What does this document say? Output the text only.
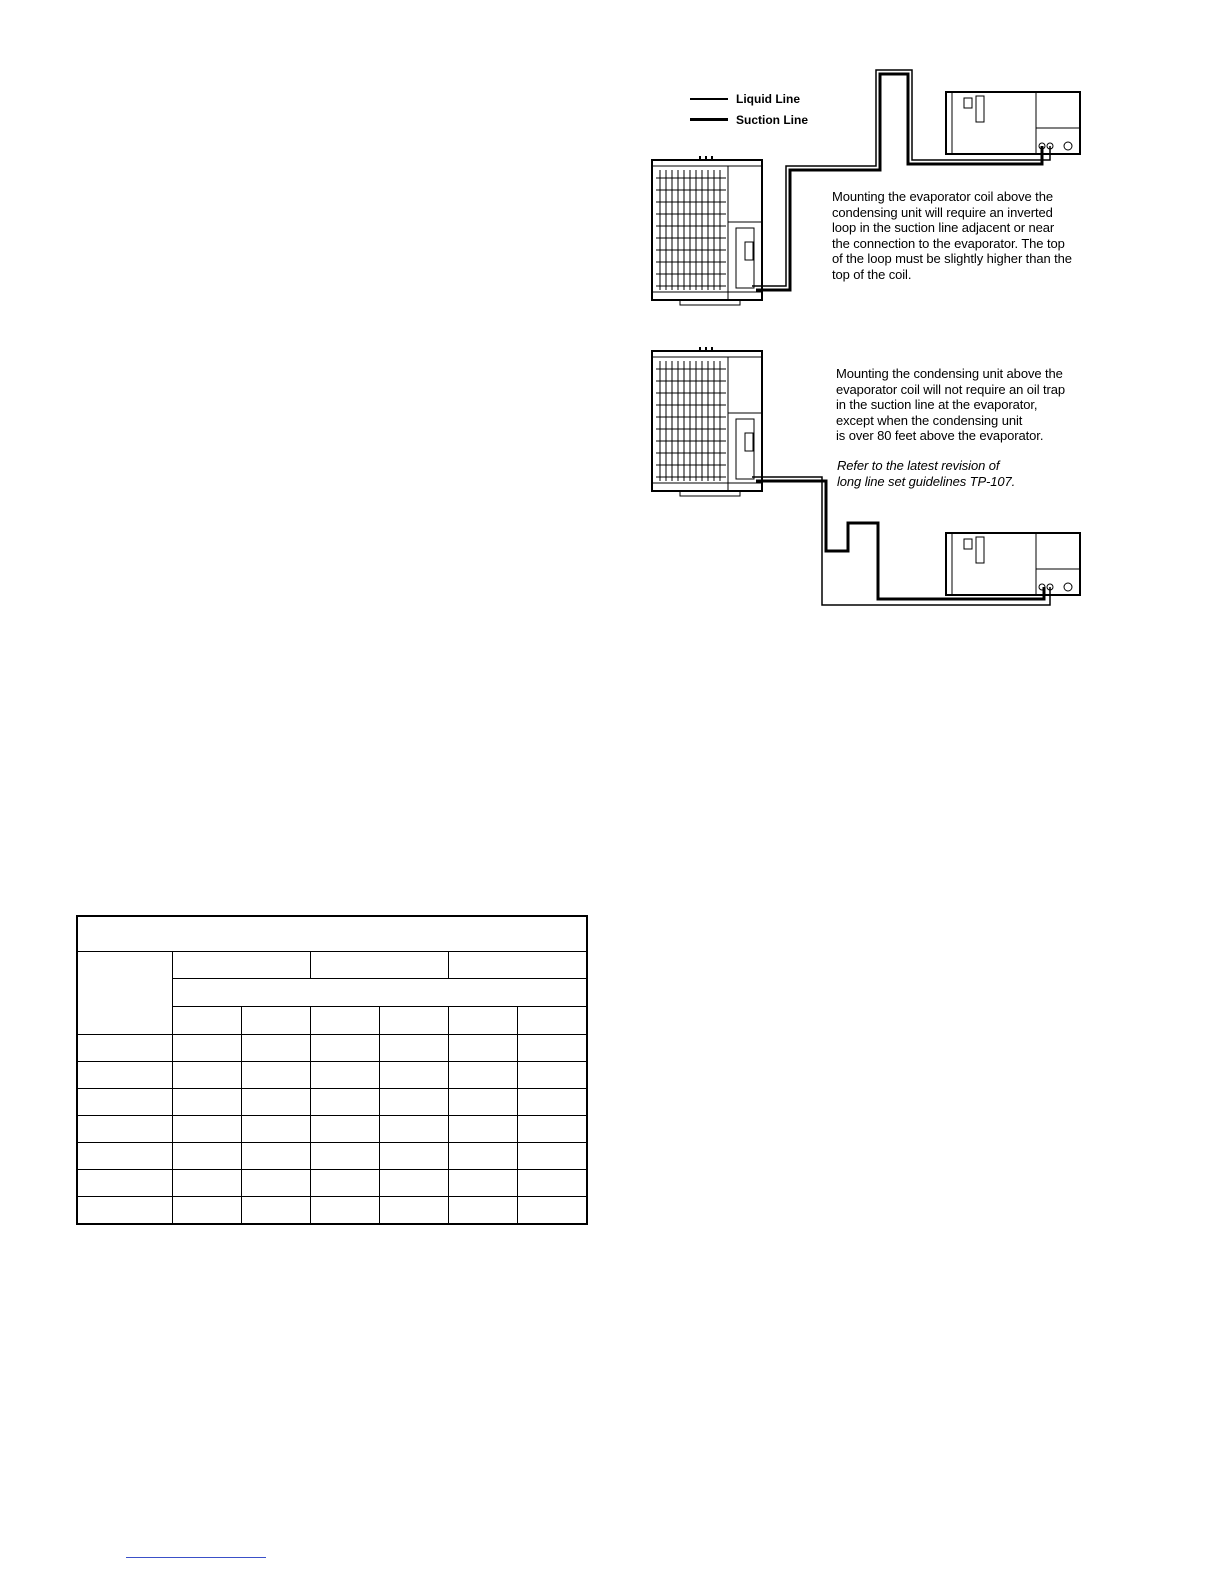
Liquid Line
Suction Line
Mounting the evaporator coil above the
condensing unit will require an inverted
loop in the suction line adjacent or near
the connection to the evaporator. The top
of the loop must be slightly higher than the
top of the coil.
Mounting the condensing unit above the
evaporator coil will not require an oil trap
in the suction line at the evaporator,
except when the condensing unit
is over 80 feet above the evaporator.
Refer to the latest revision of
long line set guidelines TP-107.
